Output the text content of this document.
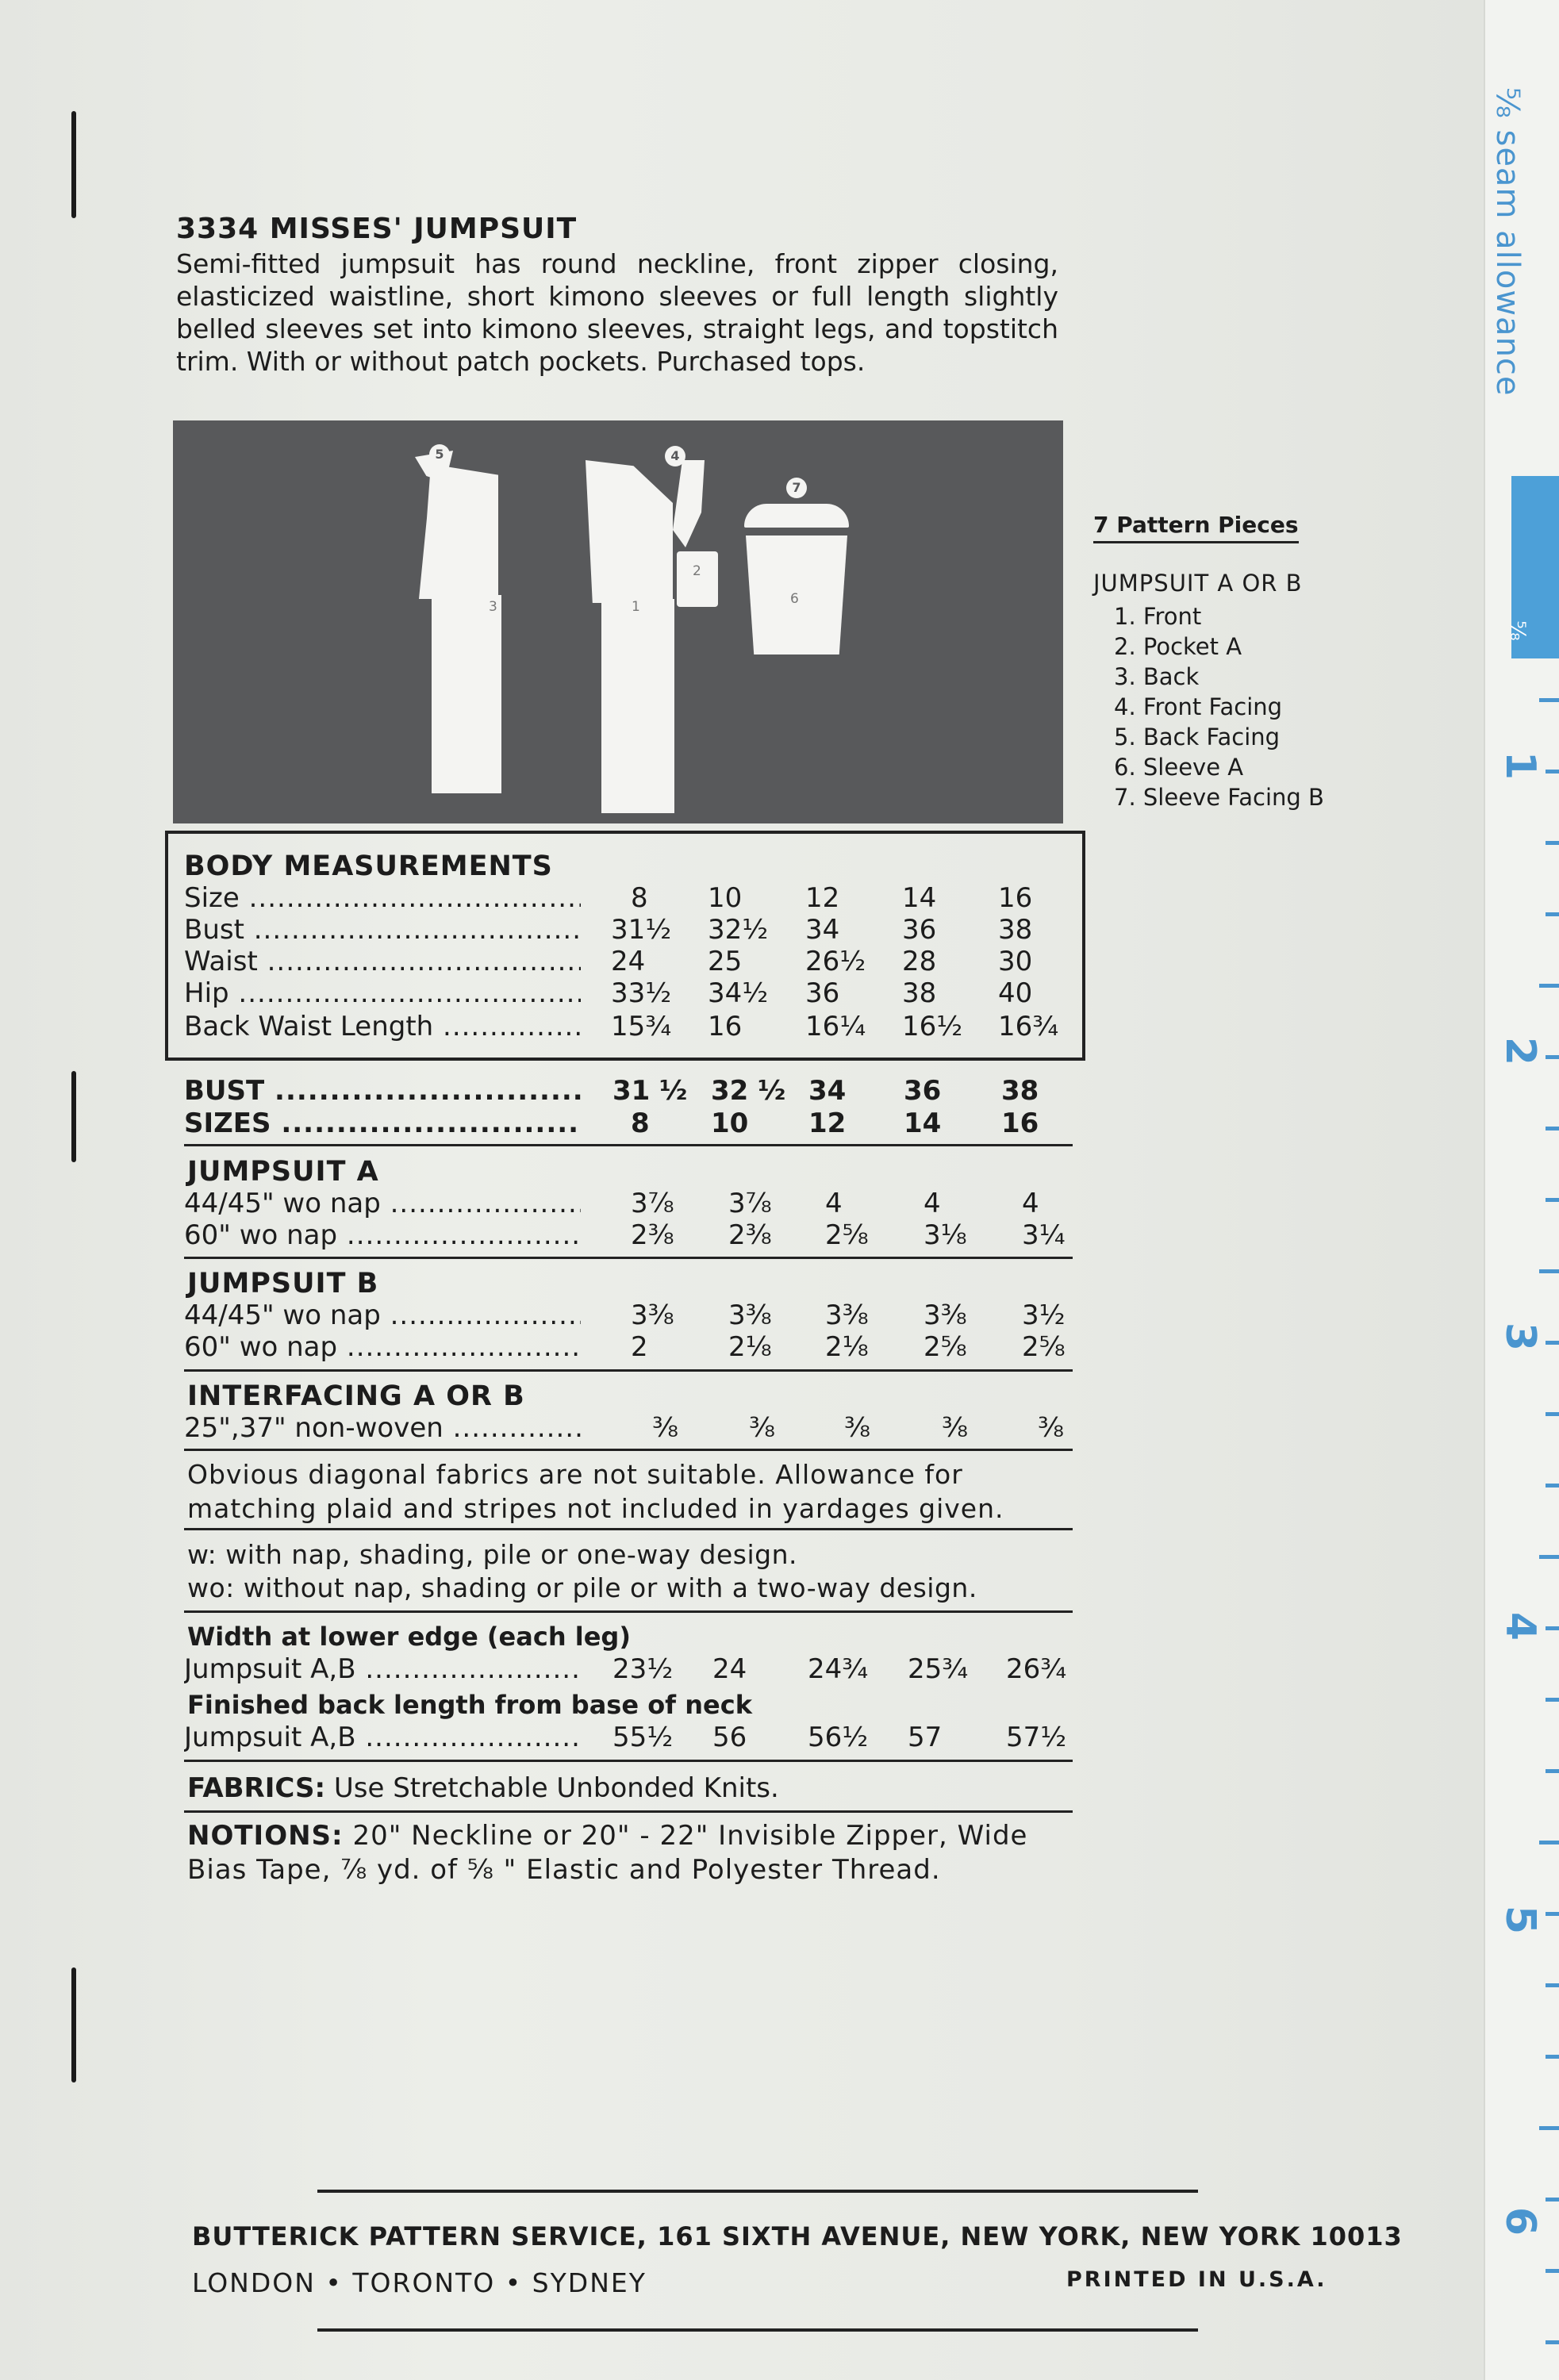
⅝ seam allowance
⅝
1
2
3
4
5
6
3334 MISSES' JUMPSUIT
Semi-fitted jumpsuit has round neckline, front zipper closing, elasticized waistline, short kimono sleeves or full length slightly belled sleeves set into kimono sleeves, straight legs, and topstitch trim. With or without patch pockets. Purchased tops.
3	1
2
6
5	4
7
7 Pattern Pieces
JUMPSUIT A OR B
1. Front
2. Pocket A
3. Back
4. Front Facing
5. Back Facing
6. Sleeve A
7. Sleeve Facing B
BODY MEASUREMENTS
Size .....	8 10 12 14 16
Bust .....	31½ 32½ 34 36 38
Waist .....	24 25 26½ 28 30
Hip .....	33½ 34½ 36 38 40
Back Waist Length .....	15¾ 16 16¼ 16½ 16¾
BUST .....	31 ½ 32 ½ 34 36 38
SIZES .....	8 10 12 14 16
JUMPSUIT A
44/45" wo nap .....	3⅞ 3⅞ 4	4	4
60" wo nap .....	2⅜ 2⅜ 2⅝ 3⅛ 3¼
JUMPSUIT B
44/45" wo nap .....	3⅜ 3⅜ 3⅜ 3⅜ 3½
60" wo nap .....	2	2⅛ 2⅛ 2⅝ 2⅝
INTERFACING A OR B
25",37" non-woven .....	⅜	⅜	⅜	⅜	⅜
Obvious diagonal fabrics are not suitable. Allowance for matching plaid and stripes not included in yardages given.
w: with nap, shading, pile or one-way design.
wo: without nap, shading or pile or with a two-way design.
Width at lower edge (each leg)
Jumpsuit A,B .....	23½ 24 24¾ 25¾ 26¾
Finished back length from base of neck
Jumpsuit A,B .....	55½ 56 56½ 57 57½
FABRICS: Use Stretchable Unbonded Knits.
NOTIONS: 20" Neckline or 20" - 22" Invisible Zipper, Wide Bias Tape, ⅞ yd. of ⅝ " Elastic and Polyester Thread.
BUTTERICK PATTERN SERVICE, 161 SIXTH AVENUE, NEW YORK, NEW YORK 10013
LONDON • TORONTO • SYDNEY	PRINTED IN U.S.A.
